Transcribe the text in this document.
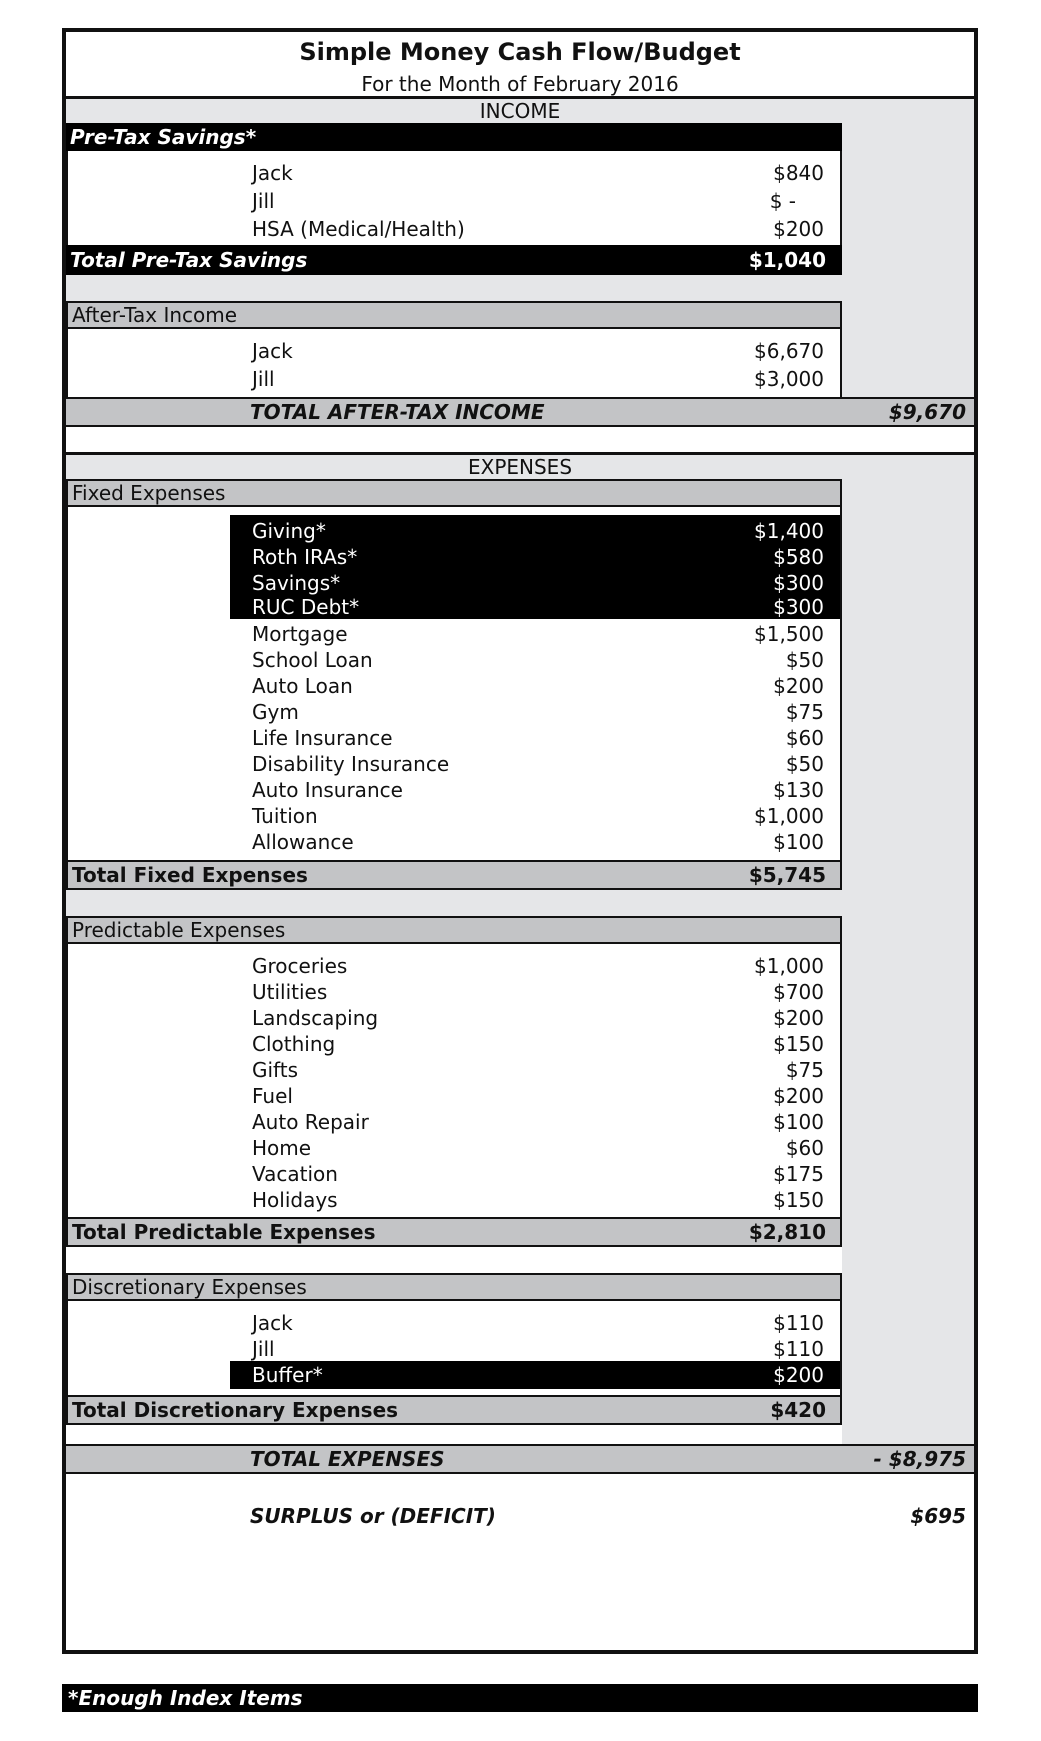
Simple Money Cash Flow/Budget
For the Month of February 2016
INCOME
Pre-Tax Savings*
Jack	$840
Jill	$ -
HSA (Medical/Health)	$200
Total Pre-Tax Savings	$1,040
After-Tax Income
Jack	$6,670
Jill	$3,000
TOTAL AFTER-TAX INCOME	$9,670
EXPENSES
Fixed Expenses
Giving*	$1,400
Roth IRAs*	$580
Savings*	$300
RUC Debt*	$300
Mortgage	$1,500
School Loan	$50
Auto Loan	$200
Gym	$75
Life Insurance	$60
Disability Insurance	$50
Auto Insurance	$130
Tuition	$1,000
Allowance	$100
Total Fixed Expenses	$5,745
Predictable Expenses
Groceries	$1,000
Utilities	$700
Landscaping	$200
Clothing	$150
Gifts	$75
Fuel	$200
Auto Repair	$100
Home	$60
Vacation	$175
Holidays	$150
Total Predictable Expenses	$2,810
Discretionary Expenses
Jack	$110
Jill	$110
Buffer*	$200
Total Discretionary Expenses	$420
TOTAL EXPENSES	- $8,975
SURPLUS or (DEFICIT)	$695
*Enough Index Items
